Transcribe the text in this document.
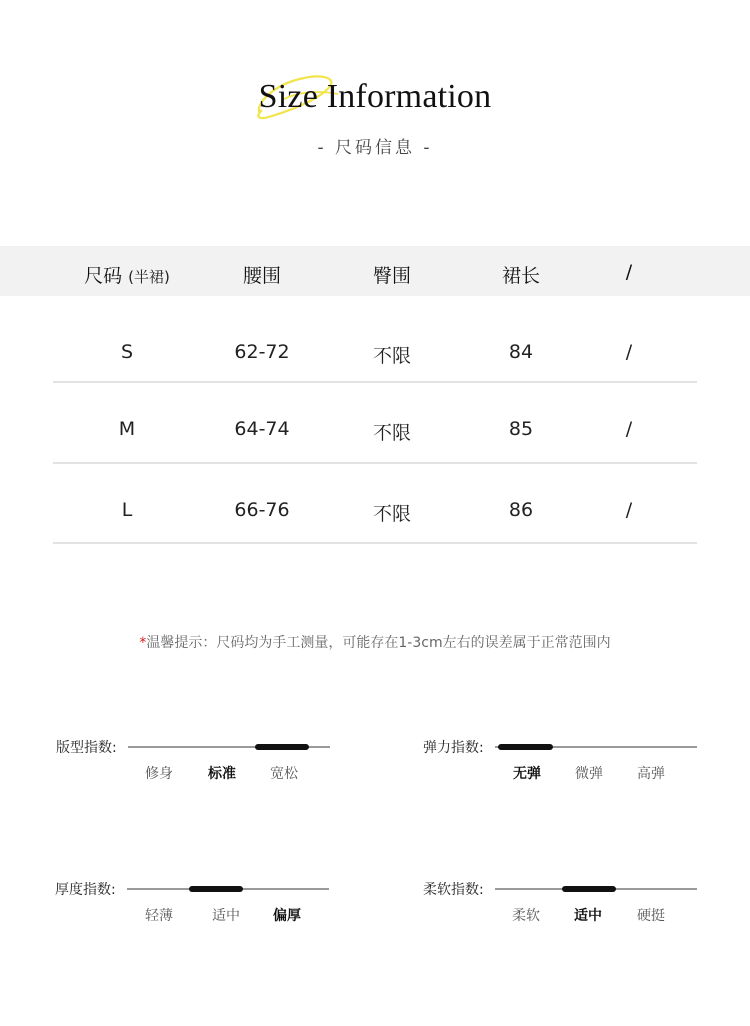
Size Information
- 尺码信息 -
尺码 (半裙)	腰围	臀围	裙长	/
S	62-72	不限	84	/
M	64-74	不限	85	/
L	66-76	不限	86	/
*温馨提示：尺码均为手工测量，可能存在1-3cm左右的误差属于正常范围内
版型指数:
修身	标准 宽松
弹力指数:
无弹 微弹 高弹
厚度指数:
轻薄	适中 偏厚
柔软指数:
柔软 适中	硬挺
